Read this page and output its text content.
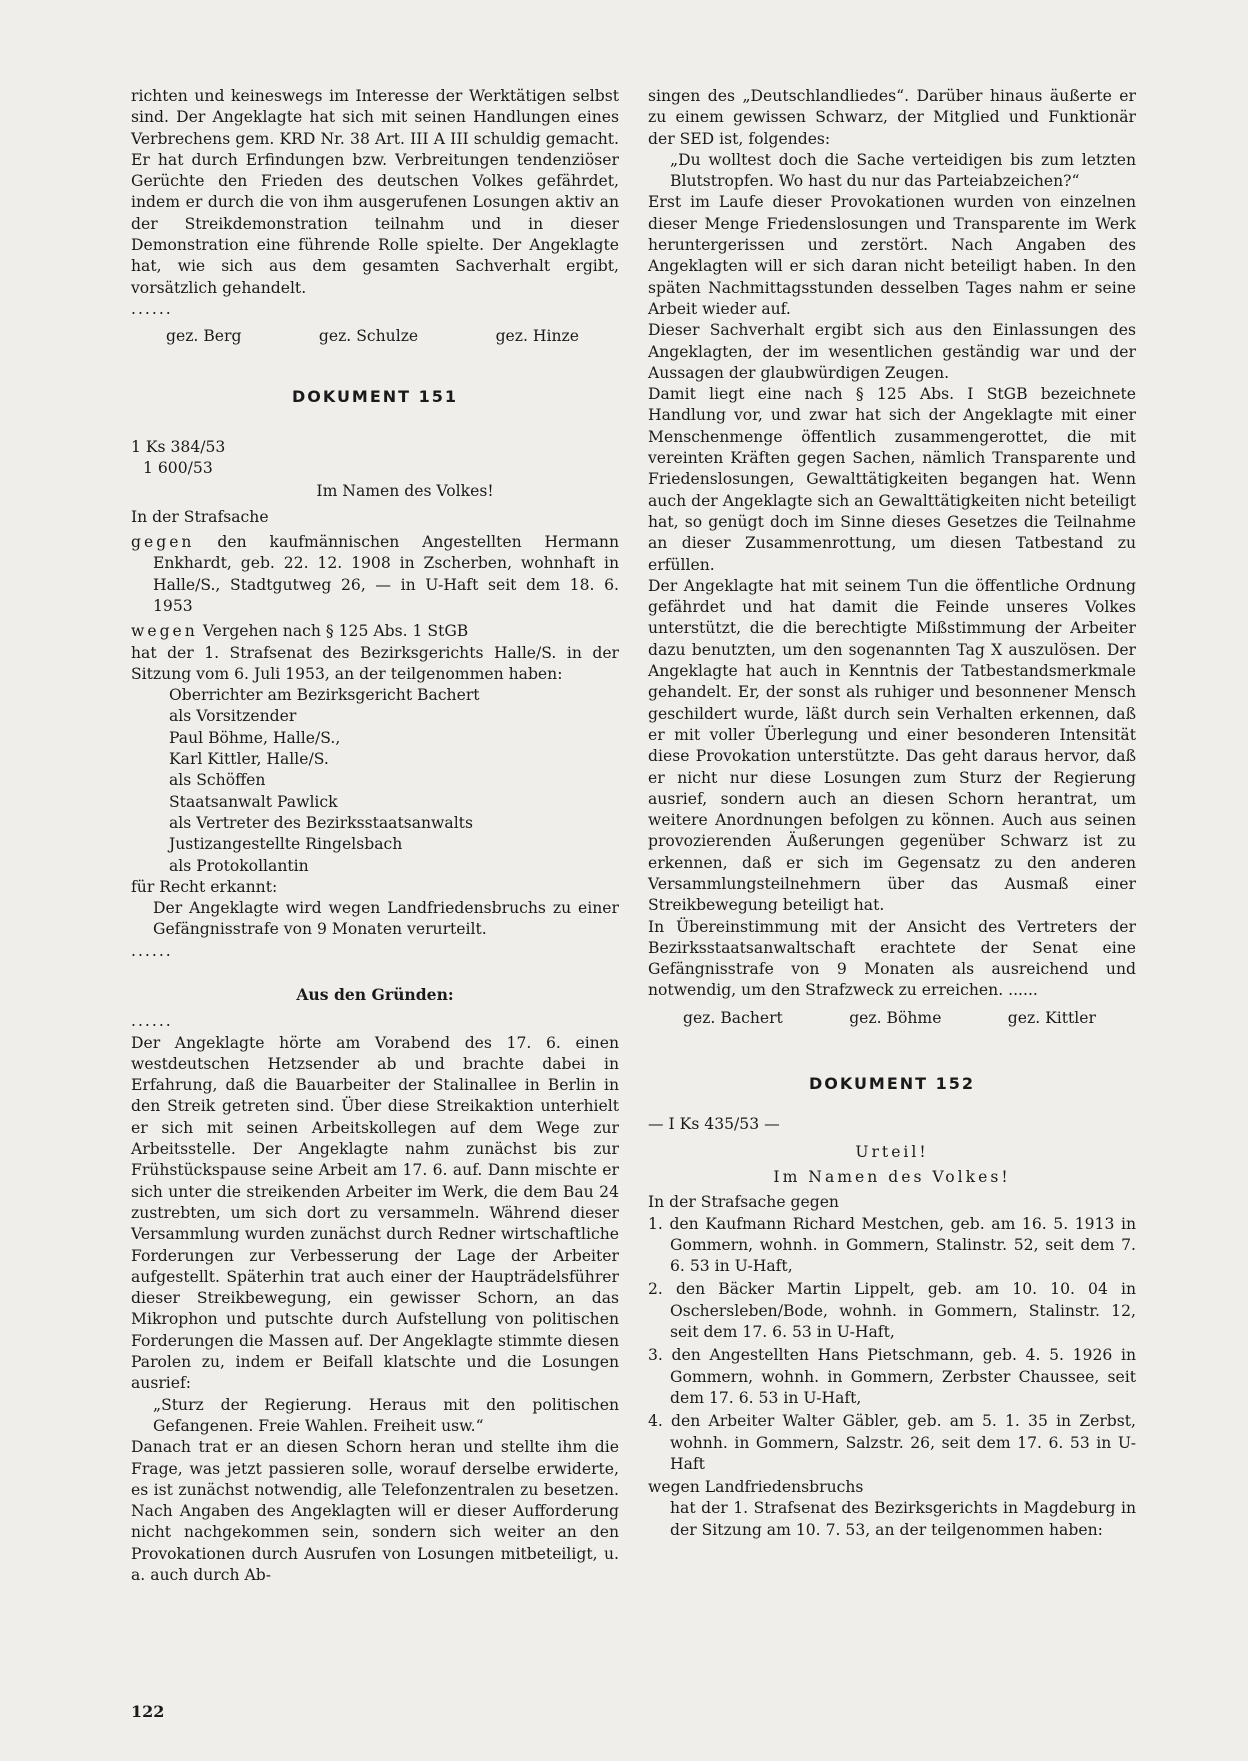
richten und keineswegs im Interesse der Werktätigen selbst sind. Der Angeklagte hat sich mit seinen Handlungen eines Verbrechens gem. KRD Nr. 38 Art. III A III schuldig gemacht. Er hat durch Erfindungen bzw. Verbreitungen tendenziöser Gerüchte den Frieden des deutschen Volkes gefährdet, indem er durch die von ihm ausgerufenen Losungen aktiv an der Streikdemonstration teilnahm und in dieser Demonstration eine führende Rolle spielte. Der Angeklagte hat, wie sich aus dem gesamten Sachverhalt ergibt, vorsätzlich gehandelt.

......

gez. Berg	gez. Schulze	gez. Hinze

DOKUMENT 151

1 Ks 384/53

1 600/53

Im Namen des Volkes!

In der Strafsache

gegen den kaufmännischen Angestellten Hermann Enkhardt, geb. 22. 12. 1908 in Zscherben, wohnhaft in Halle/S., Stadtgutweg 26, — in U-Haft seit dem 18. 6. 1953

wegen Vergehen nach § 125 Abs. 1 StGB

hat der 1. Strafsenat des Bezirksgerichts Halle/S. in der Sitzung vom 6. Juli 1953, an der teilgenommen haben:

Oberrichter am Bezirksgericht Bachert

als Vorsitzender

Paul Böhme, Halle/S.,

Karl Kittler, Halle/S.

als Schöffen

Staatsanwalt Pawlick

als Vertreter des Bezirksstaatsanwalts

Justizangestellte Ringelsbach

als Protokollantin

für Recht erkannt:

Der Angeklagte wird wegen Landfriedensbruchs zu einer Gefängnisstrafe von 9 Monaten verurteilt.

......

Aus den Gründen:

......

Der Angeklagte hörte am Vorabend des 17. 6. einen westdeutschen Hetzsender ab und brachte dabei in Erfahrung, daß die Bauarbeiter der Stalinallee in Berlin in den Streik getreten sind. Über diese Streikaktion unterhielt er sich mit seinen Arbeitskollegen auf dem Wege zur Arbeitsstelle. Der Angeklagte nahm zunächst bis zur Frühstückspause seine Arbeit am 17. 6. auf. Dann mischte er sich unter die streikenden Arbeiter im Werk, die dem Bau 24 zustrebten, um sich dort zu versammeln. Während dieser Versammlung wurden zunächst durch Redner wirtschaftliche Forderungen zur Verbesserung der Lage der Arbeiter aufgestellt. Späterhin trat auch einer der Haupträdelsführer dieser Streikbewegung, ein gewisser Schorn, an das Mikrophon und putschte durch Aufstellung von politischen Forderungen die Massen auf. Der Angeklagte stimmte diesen Parolen zu, indem er Beifall klatschte und die Losungen ausrief:

„Sturz der Regierung. Heraus mit den politischen Gefangenen. Freie Wahlen. Freiheit usw.“

Danach trat er an diesen Schorn heran und stellte ihm die Frage, was jetzt passieren solle, worauf derselbe erwiderte, es ist zunächst notwendig, alle Telefonzentralen zu besetzen. Nach Angaben des Angeklagten will er dieser Aufforderung nicht nachgekommen sein, sondern sich weiter an den Provokationen durch Ausrufen von Losungen mitbeteiligt, u. a. auch durch Ab-

singen des „Deutschlandliedes“. Darüber hinaus äußerte er zu einem gewissen Schwarz, der Mitglied und Funktionär der SED ist, folgendes:

„Du wolltest doch die Sache verteidigen bis zum letzten Blutstropfen. Wo hast du nur das Parteiabzeichen?“

Erst im Laufe dieser Provokationen wurden von einzelnen dieser Menge Friedenslosungen und Transparente im Werk heruntergerissen und zerstört. Nach Angaben des Angeklagten will er sich daran nicht beteiligt haben. In den späten Nachmittagsstunden desselben Tages nahm er seine Arbeit wieder auf.

Dieser Sachverhalt ergibt sich aus den Einlassungen des Angeklagten, der im wesentlichen geständig war und der Aussagen der glaubwürdigen Zeugen.

Damit liegt eine nach § 125 Abs. I StGB bezeichnete Handlung vor, und zwar hat sich der Angeklagte mit einer Menschenmenge öffentlich zusammengerottet, die mit vereinten Kräften gegen Sachen, nämlich Transparente und Friedenslosungen, Gewalttätigkeiten begangen hat. Wenn auch der Angeklagte sich an Gewalttätigkeiten nicht beteiligt hat, so genügt doch im Sinne dieses Gesetzes die Teilnahme an dieser Zusammenrottung, um diesen Tatbestand zu erfüllen.

Der Angeklagte hat mit seinem Tun die öffentliche Ordnung gefährdet und hat damit die Feinde unseres Volkes unterstützt, die die berechtigte Mißstimmung der Arbeiter dazu benutzten, um den sogenannten Tag X auszulösen. Der Angeklagte hat auch in Kenntnis der Tatbestandsmerkmale gehandelt. Er, der sonst als ruhiger und besonnener Mensch geschildert wurde, läßt durch sein Verhalten erkennen, daß er mit voller Überlegung und einer besonderen Intensität diese Provokation unterstützte. Das geht daraus hervor, daß er nicht nur diese Losungen zum Sturz der Regierung ausrief, sondern auch an diesen Schorn herantrat, um weitere Anordnungen befolgen zu können. Auch aus seinen provozierenden Äußerungen gegenüber Schwarz ist zu erkennen, daß er sich im Gegensatz zu den anderen Versammlungsteilnehmern über das Ausmaß einer Streikbewegung beteiligt hat.

In Übereinstimmung mit der Ansicht des Vertreters der Bezirksstaatsanwaltschaft erachtete der Senat eine Gefängnisstrafe von 9 Monaten als ausreichend und notwendig, um den Strafzweck zu erreichen. ......

gez. Bachert	gez. Böhme	gez. Kittler

DOKUMENT 152

— I Ks 435/53 —

Urteil!

Im Namen des Volkes!

In der Strafsache gegen

1. den Kaufmann Richard Mestchen, geb. am 16. 5. 1913 in Gommern, wohnh. in Gommern, Stalinstr. 52, seit dem 7. 6. 53 in U-Haft,

2. den Bäcker Martin Lippelt, geb. am 10. 10. 04 in Oschersleben/Bode, wohnh. in Gommern, Stalinstr. 12, seit dem 17. 6. 53 in U-Haft,

3. den Angestellten Hans Pietschmann, geb. 4. 5. 1926 in Gommern, wohnh. in Gommern, Zerbster Chaussee, seit dem 17. 6. 53 in U-Haft,

4. den Arbeiter Walter Gäbler, geb. am 5. 1. 35 in Zerbst, wohnh. in Gommern, Salzstr. 26, seit dem 17. 6. 53 in U-Haft

wegen Landfriedensbruchs

hat der 1. Strafsenat des Bezirksgerichts in Magdeburg in der Sitzung am 10. 7. 53, an der teilgenommen haben:

122
